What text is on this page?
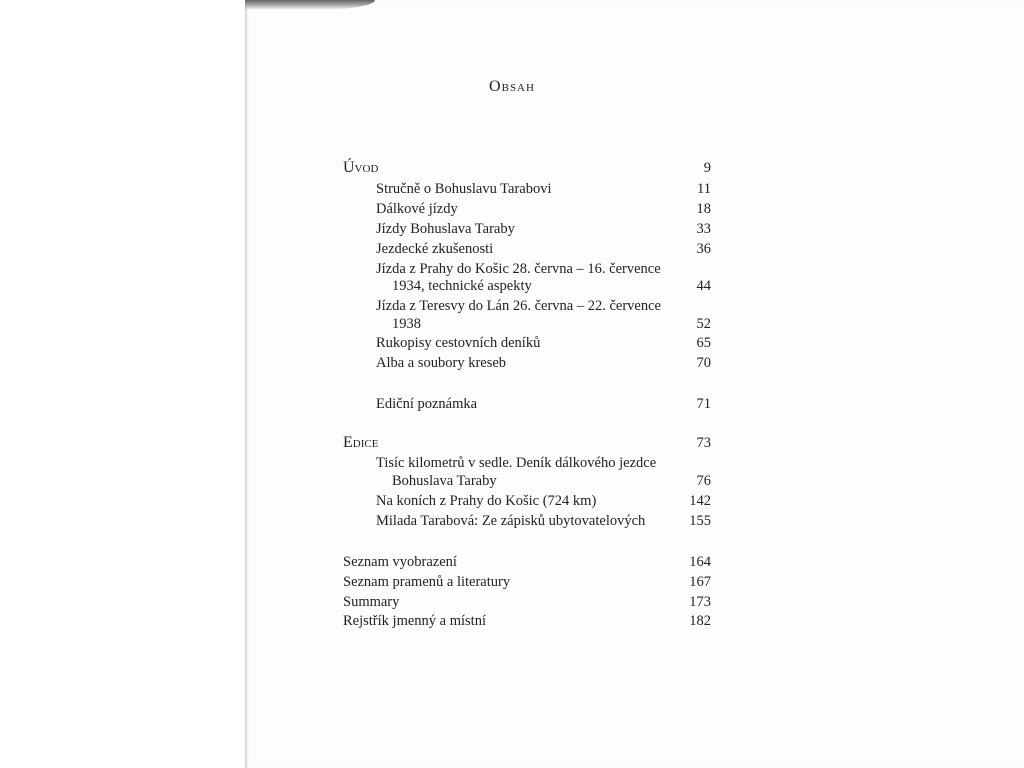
Obsah
Úvod	9
Stručně o Bohuslavu Tarabovi	11
Dálkové jízdy	18
Jízdy Bohuslava Taraby	33
Jezdecké zkušenosti	36
Jízda z Prahy do Košic 28. června – 16. července
1934, technické aspekty	44
Jízda z Teresvy do Lán 26. června – 22. července
1938	52
Rukopisy cestovních deníků	65
Alba a soubory kreseb	70
Ediční poznámka	71
Edice	73
Tisíc kilometrů v sedle. Deník dálkového jezdce
Bohuslava Taraby	76
Na koních z Prahy do Košic (724 km)	142
Milada Tarabová: Ze zápisků ubytovatelových	155
Seznam vyobrazení	164
Seznam pramenů a literatury	167
Summary	173
Rejstřík jmenný a místní	182
